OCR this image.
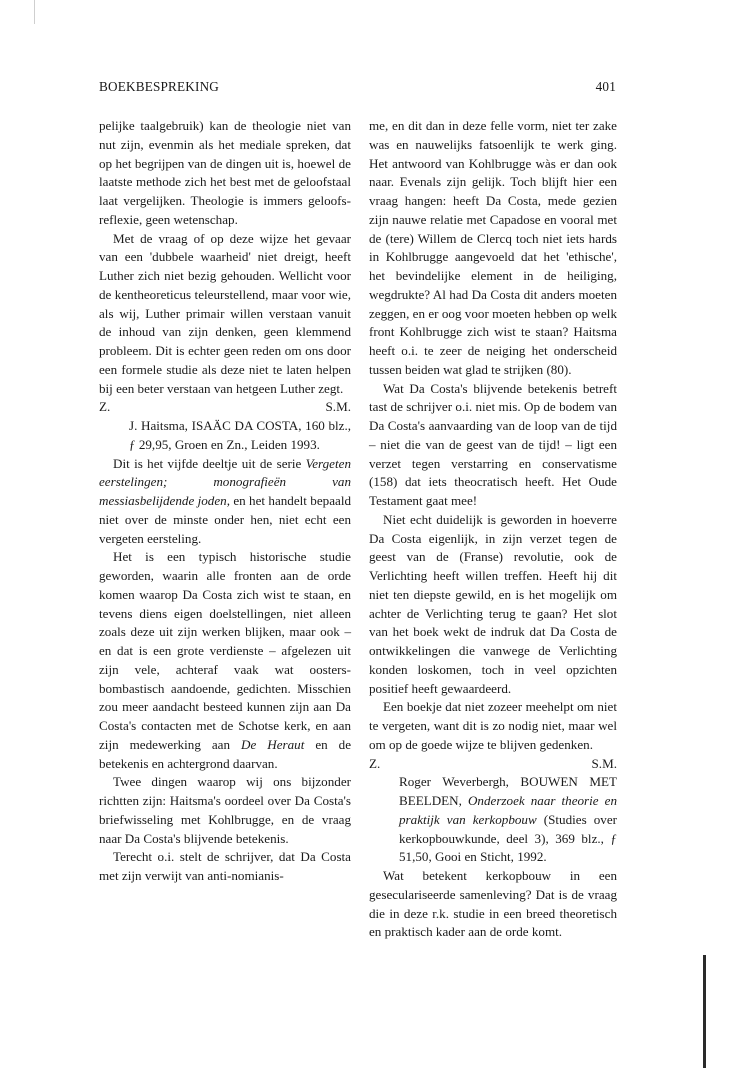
BOEKBESPREKING	401

pelijke taalgebruik) kan de theologie niet van nut zijn, evenmin als het mediale spreken, dat op het begrijpen van de dingen uit is, hoewel de laatste methode zich het best met de geloofstaal laat vergelijken. Theologie is immers geloofs-reflexie, geen wetenschap.

Met de vraag of op deze wijze het gevaar van een 'dubbele waarheid' niet dreigt, heeft Luther zich niet bezig gehouden. Wellicht voor de kentheoreticus teleurstellend, maar voor wie, als wij, Luther primair willen verstaan vanuit de inhoud van zijn denken, geen klemmend probleem. Dit is echter geen reden om ons door een formele studie als deze niet te laten helpen bij een beter verstaan van hetgeen Luther zegt.

Z.	S.M.

J. Haitsma, ISAÄC DA COSTA, 160 blz., ƒ 29,95, Groen en Zn., Leiden 1993.

Dit is het vijfde deeltje uit de serie Vergeten eerstelingen; monografieën van messiasbelijdende joden, en het handelt bepaald niet over de minste onder hen, niet echt een vergeten eersteling.

Het is een typisch historische studie geworden, waarin alle fronten aan de orde komen waarop Da Costa zich wist te staan, en tevens diens eigen doelstellingen, niet alleen zoals deze uit zijn werken blijken, maar ook – en dat is een grote verdienste – afgelezen uit zijn vele, achteraf vaak wat oosters-bombastisch aandoende, gedichten. Misschien zou meer aandacht besteed kunnen zijn aan Da Costa's contacten met de Schotse kerk, en aan zijn medewerking aan De Heraut en de betekenis en achtergrond daarvan.

Twee dingen waarop wij ons bijzonder richtten zijn: Haitsma's oordeel over Da Costa's briefwisseling met Kohlbrugge, en de vraag naar Da Costa's blijvende betekenis.

Terecht o.i. stelt de schrijver, dat Da Costa met zijn verwijt van anti-nomianis-

me, en dit dan in deze felle vorm, niet ter zake was en nauwelijks fatsoenlijk te werk ging. Het antwoord van Kohlbrugge wàs er dan ook naar. Evenals zijn gelijk. Toch blijft hier een vraag hangen: heeft Da Costa, mede gezien zijn nauwe relatie met Capadose en vooral met de (tere) Willem de Clercq toch niet iets hards in Kohlbrugge aangevoeld dat het 'ethische', het bevindelijke element in de heiliging, wegdrukte? Al had Da Costa dit anders moeten zeggen, en er oog voor moeten hebben op welk front Kohlbrugge zich wist te staan? Haitsma heeft o.i. te zeer de neiging het onderscheid tussen beiden wat glad te strijken (80).

Wat Da Costa's blijvende betekenis betreft tast de schrijver o.i. niet mis. Op de bodem van Da Costa's aanvaarding van de loop van de tijd – niet die van de geest van de tijd! – ligt een verzet tegen verstarring en conservatisme (158) dat iets theocratisch heeft. Het Oude Testament gaat mee!

Niet echt duidelijk is geworden in hoeverre Da Costa eigenlijk, in zijn verzet tegen de geest van de (Franse) revolutie, ook de Verlichting heeft willen treffen. Heeft hij dit niet ten diepste gewild, en is het mogelijk om achter de Verlichting terug te gaan? Het slot van het boek wekt de indruk dat Da Costa de ontwikkelingen die vanwege de Verlichting konden loskomen, toch in veel opzichten positief heeft gewaardeerd.

Een boekje dat niet zozeer meehelpt om niet te vergeten, want dit is zo nodig niet, maar wel om op de goede wijze te blijven gedenken.

Z.	S.M.

Roger Weverbergh, BOUWEN MET BEELDEN, Onderzoek naar theorie en praktijk van kerkopbouw (Studies over kerkopbouwkunde, deel 3), 369 blz., ƒ 51,50, Gooi en Sticht, 1992.

Wat betekent kerkopbouw in een geseculariseerde samenleving? Dat is de vraag die in deze r.k. studie in een breed theoretisch en praktisch kader aan de orde komt.
